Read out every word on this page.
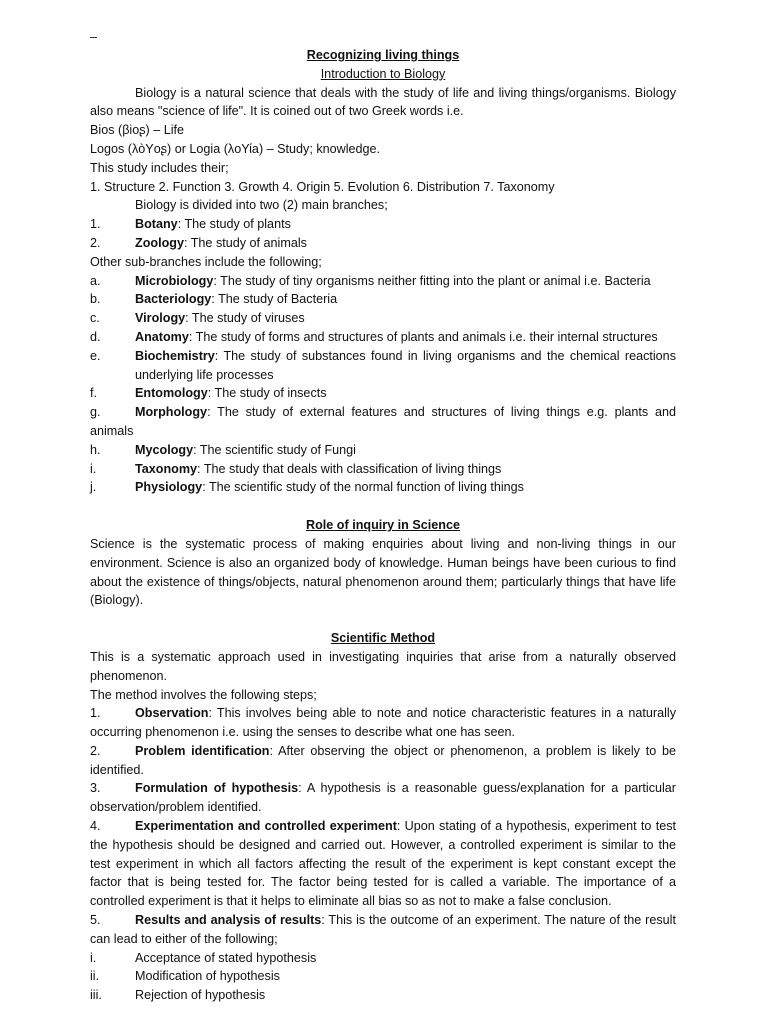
–
Recognizing living things
Introduction to Biology

Biology is a natural science that deals with the study of life and living things/organisms. Biology also means "science of life". It is coined out of two Greek words i.e.

Bios (βioʂ) – Life

Logos (λòΥoʂ) or Logia (λoΥίa) – Study; knowledge.

This study includes their;

1. Structure 2. Function 3. Growth 4. Origin 5. Evolution 6. Distribution 7. Taxonomy

Biology is divided into two (2) main branches;

1.	Botany: The study of plants
2.	Zoology: The study of animals

Other sub-branches include the following;

a.	Microbiology: The study of tiny organisms neither fitting into the plant or animal i.e. Bacteria
b.	Bacteriology: The study of Bacteria
c.	Virology: The study of viruses
d.	Anatomy: The study of forms and structures of plants and animals i.e. their internal structures
e.	Biochemistry: The study of substances found in living organisms and the chemical reactions underlying life processes
f.	Entomology: The study of insects
g.	Morphology: The study of external features and structures of living things e.g. plants and animals
h.	Mycology: The scientific study of Fungi
i.	Taxonomy: The study that deals with classification of living things
j.	Physiology: The scientific study of the normal function of living things
Role of inquiry in Science

Science is the systematic process of making enquiries about living and non-living things in our environment. Science is also an organized body of knowledge. Human beings have been curious to find about the existence of things/objects, natural phenomenon around them; particularly things that have life (Biology).

Scientific Method

This is a systematic approach used in investigating inquiries that arise from a naturally observed phenomenon.

The method involves the following steps;

1.	Observation: This involves being able to note and notice characteristic features in a naturally occurring phenomenon i.e. using the senses to describe what one has seen.
2.	Problem identification: After observing the object or phenomenon, a problem is likely to be identified.
3.	Formulation of hypothesis: A hypothesis is a reasonable guess/explanation for a particular observation/problem identified.
4.	Experimentation and controlled experiment: Upon stating of a hypothesis, experiment to test the hypothesis should be designed and carried out. However, a controlled experiment is similar to the test experiment in which all factors affecting the result of the experiment is kept constant except the factor that is being tested for. The factor being tested for is called a variable. The importance of a controlled experiment is that it helps to eliminate all bias so as not to make a false conclusion.
5.	Results and analysis of results: This is the outcome of an experiment. The nature of the result can lead to either of the following;
i.	Acceptance of stated hypothesis
ii.	Modification of hypothesis
iii.	Rejection of hypothesis
